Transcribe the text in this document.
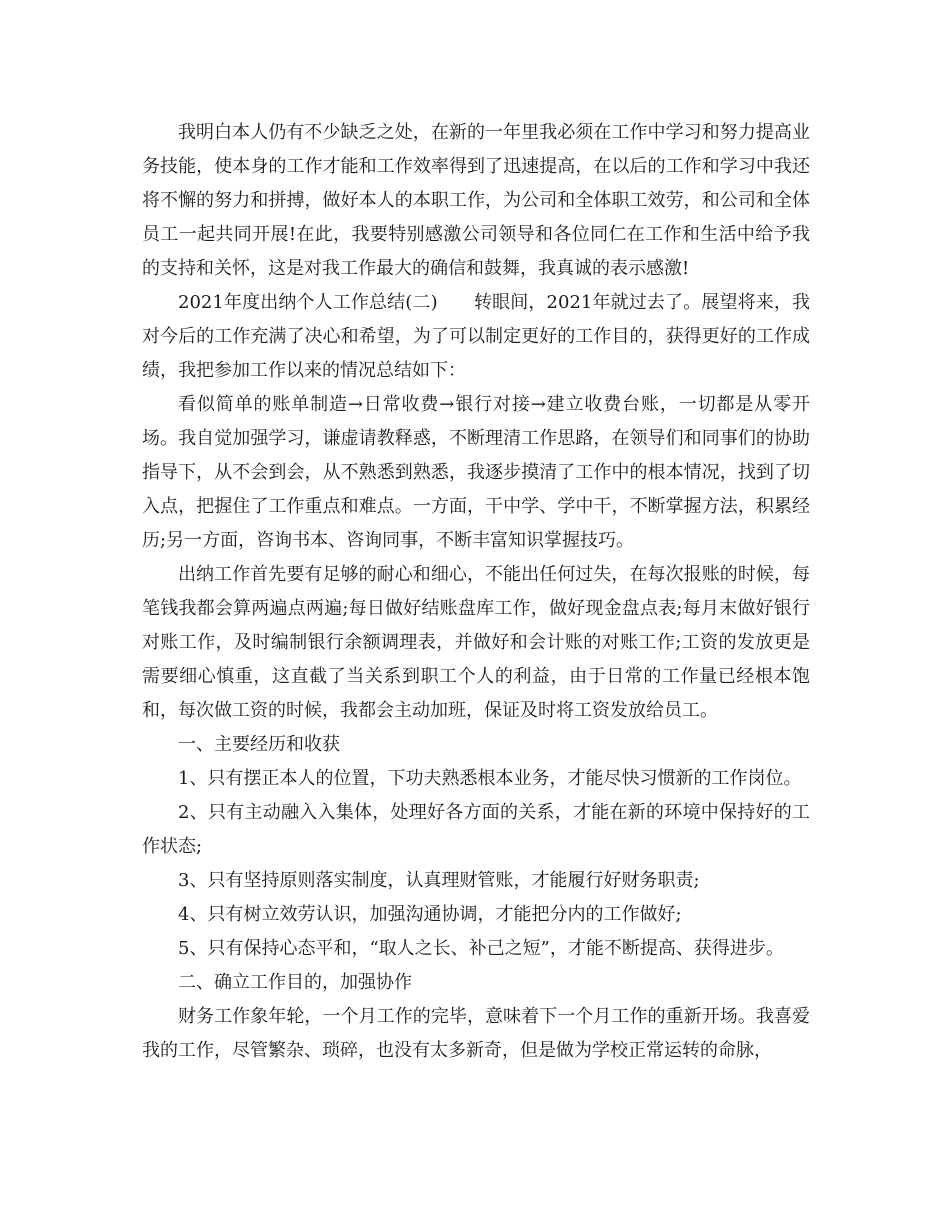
我明白本人仍有不少缺乏之处，在新的一年里我必须在工作中学习和努力提高业务技能，使本身的工作才能和工作效率得到了迅速提高，在以后的工作和学习中我还将不懈的努力和拼搏，做好本人的本职工作，为公司和全体职工效劳，和公司和全体员工一起共同开展!在此，我要特别感激公司领导和各位同仁在工作和生活中给予我的支持和关怀，这是对我工作最大的确信和鼓舞，我真诚的表示感激!

2021年度出纳个人工作总结(二)　　转眼间，2021年就过去了。展望将来，我对今后的工作充满了决心和希望，为了可以制定更好的工作目的，获得更好的工作成绩，我把参加工作以来的情况总结如下：

看似简单的账单制造→日常收费→银行对接→建立收费台账，一切都是从零开场。我自觉加强学习，谦虚请教释惑，不断理清工作思路，在领导们和同事们的协助指导下，从不会到会，从不熟悉到熟悉，我逐步摸清了工作中的根本情况，找到了切入点，把握住了工作重点和难点。一方面，干中学、学中干，不断掌握方法，积累经历;另一方面，咨询书本、咨询同事，不断丰富知识掌握技巧。

出纳工作首先要有足够的耐心和细心，不能出任何过失，在每次报账的时候，每笔钱我都会算两遍点两遍;每日做好结账盘库工作，做好现金盘点表;每月末做好银行对账工作，及时编制银行余额调理表，并做好和会计账的对账工作;工资的发放更是需要细心慎重，这直截了当关系到职工个人的利益，由于日常的工作量已经根本饱和，每次做工资的时候，我都会主动加班，保证及时将工资发放给员工。

一、主要经历和收获

1、只有摆正本人的位置，下功夫熟悉根本业务，才能尽快习惯新的工作岗位。

2、只有主动融入入集体，处理好各方面的关系，才能在新的环境中保持好的工作状态;

3、只有坚持原则落实制度，认真理财管账，才能履行好财务职责;

4、只有树立效劳认识，加强沟通协调，才能把分内的工作做好;

5、只有保持心态平和，“取人之长、补己之短”，才能不断提高、获得进步。

二、确立工作目的，加强协作

财务工作象年轮，一个月工作的完毕，意味着下一个月工作的重新开场。我喜爱我的工作，尽管繁杂、琐碎，也没有太多新奇，但是做为学校正常运转的命脉，
